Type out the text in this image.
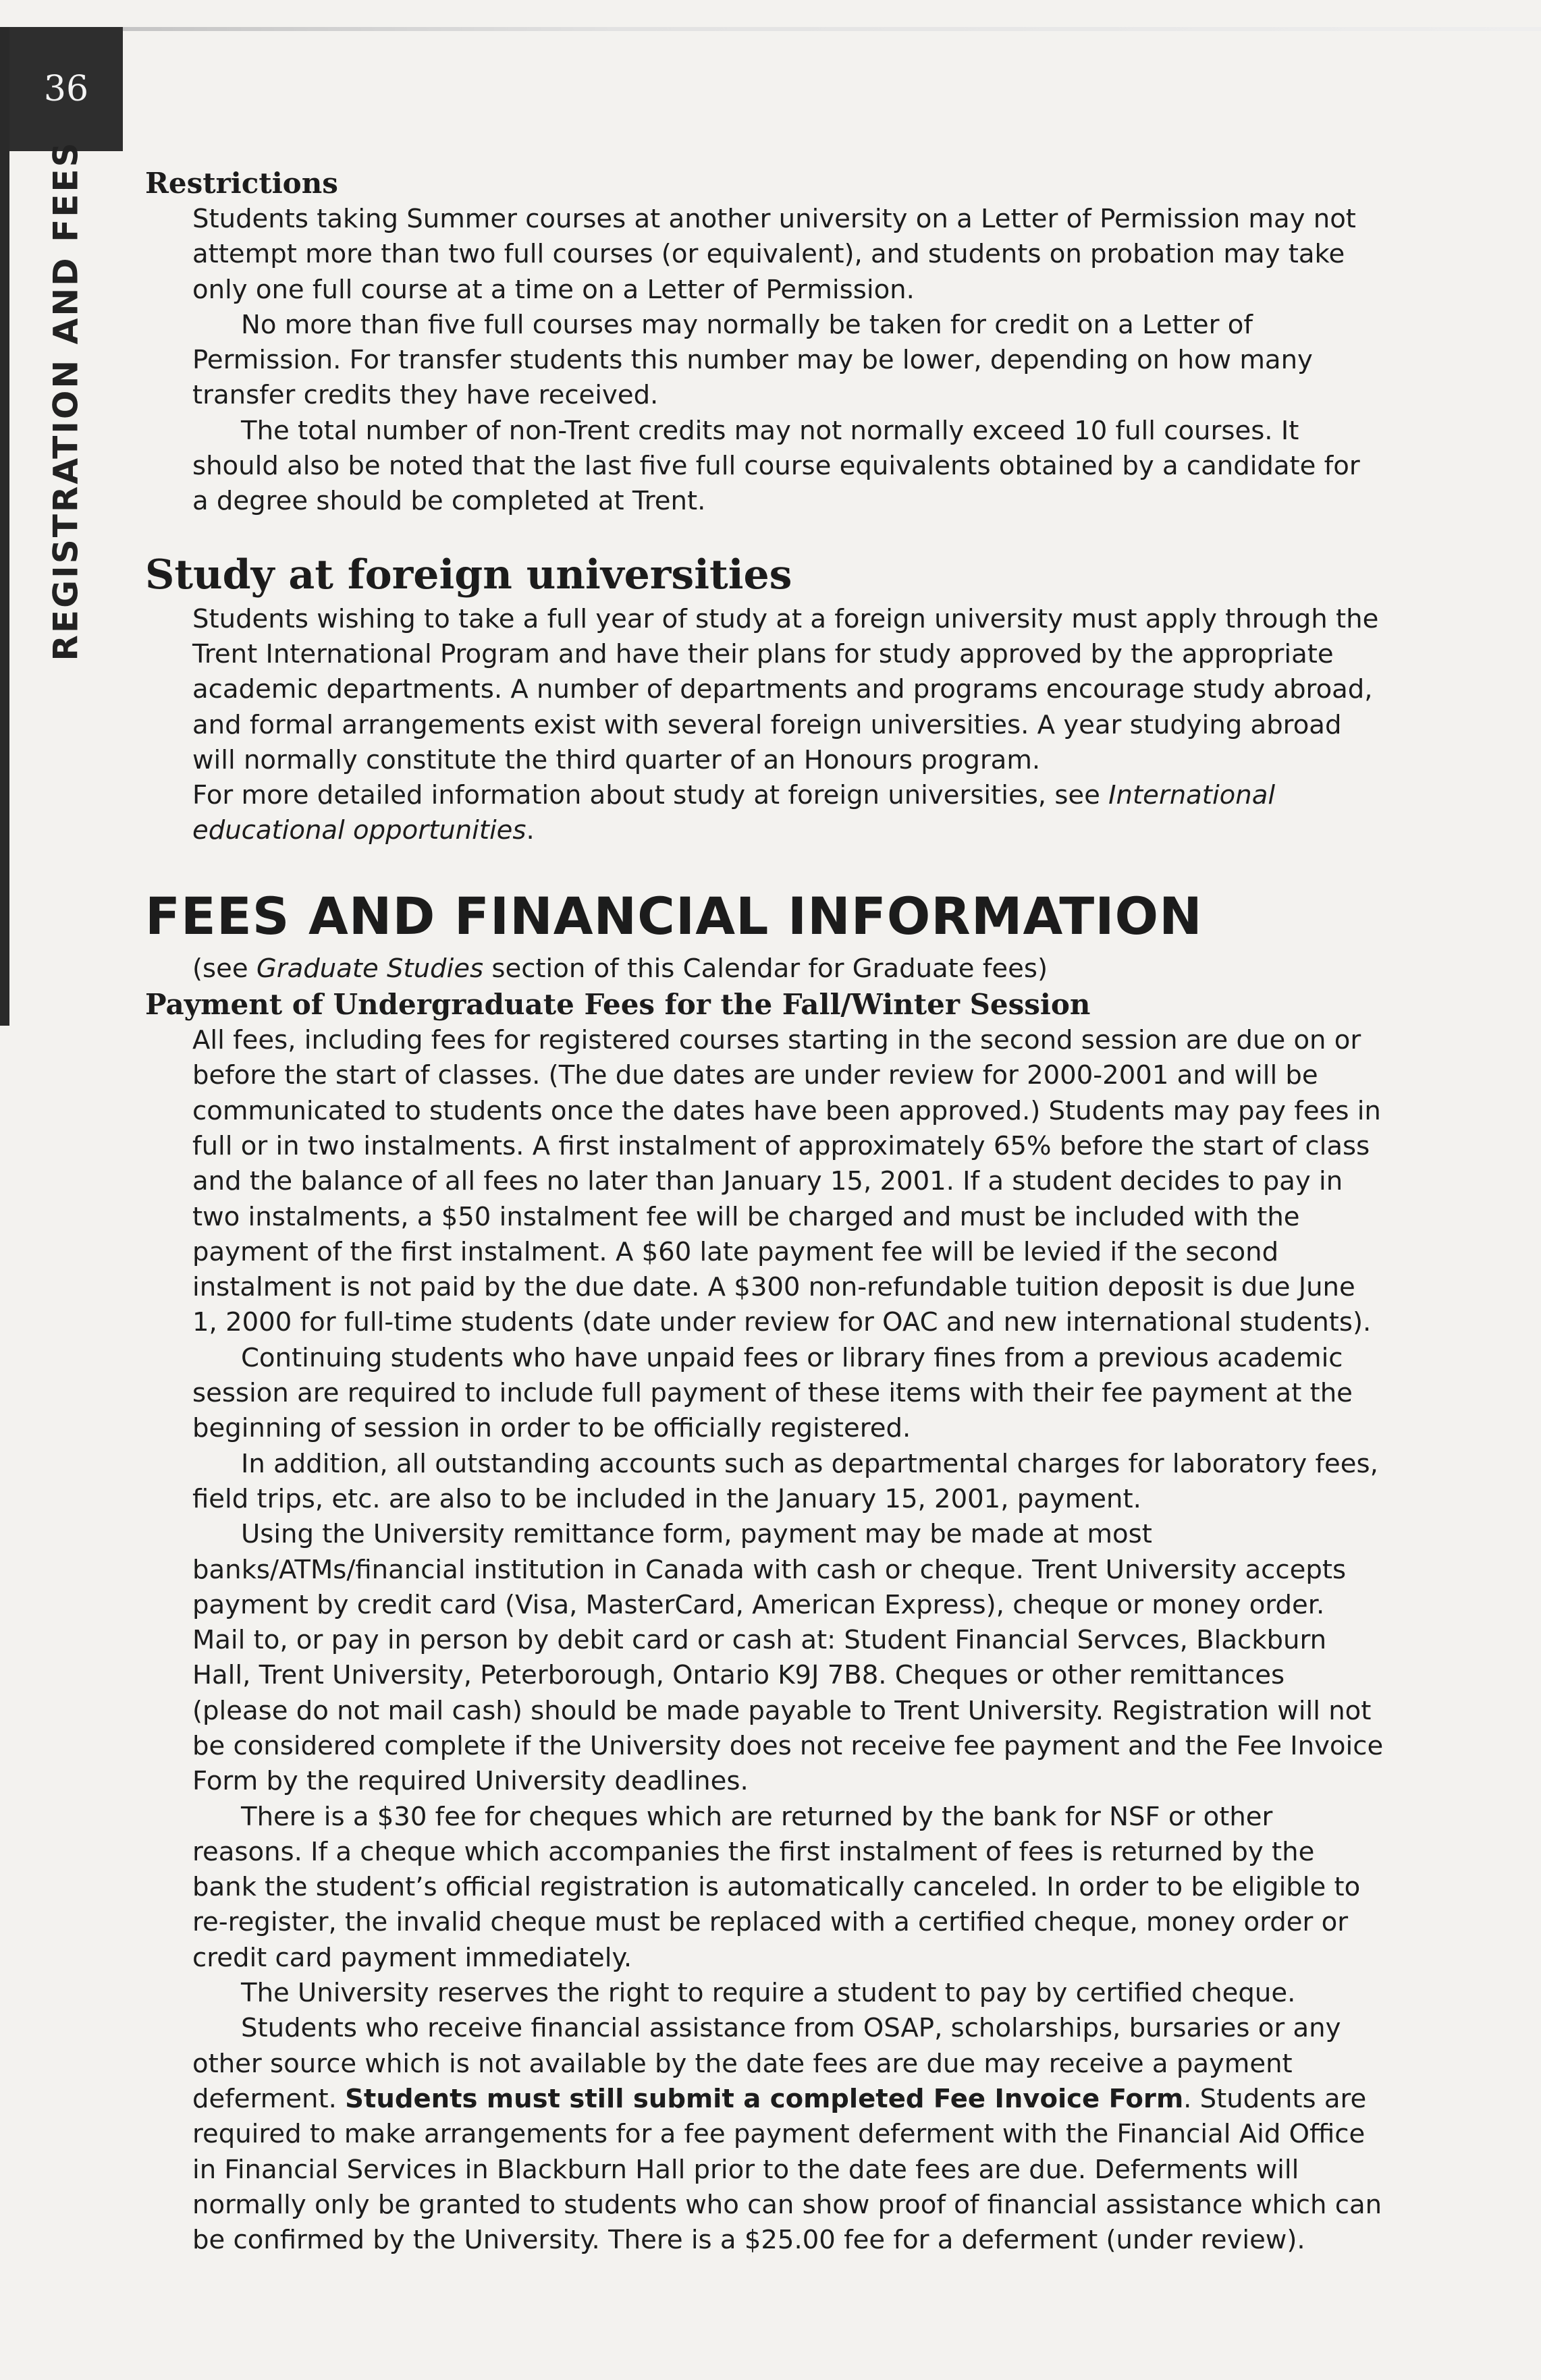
36
REGISTRATION AND FEES Restrictions

Students taking Summer courses at another university on a Letter of Permission may not attempt more than two full courses (or equivalent), and students on probation may take only one full course at a time on a Letter of Permission.

No more than five full courses may normally be taken for credit on a Letter of Permission. For transfer students this number may be lower, depending on how many transfer credits they have received.

The total number of non-Trent credits may not normally exceed 10 full courses. It should also be noted that the last five full course equivalents obtained by a candidate for a degree should be completed at Trent.

Study at foreign universities

Students wishing to take a full year of study at a foreign university must apply through the Trent International Program and have their plans for study approved by the appropriate academic departments. A number of departments and programs encourage study abroad, and formal arrangements exist with several foreign universities. A year studying abroad will normally constitute the third quarter of an Honours program.

For more detailed information about study at foreign universities, see International educational opportunities.

FEES AND FINANCIAL INFORMATION

(see Graduate Studies section of this Calendar for Graduate fees)

Payment of Undergraduate Fees for the Fall/Winter Session

All fees, including fees for registered courses starting in the second session are due on or before the start of classes. (The due dates are under review for 2000-2001 and will be communicated to students once the dates have been approved.) Students may pay fees in full or in two instalments. A first instalment of approximately 65% before the start of class and the balance of all fees no later than January 15, 2001. If a student decides to pay in two instalments, a $50 instalment fee will be charged and must be included with the payment of the first instalment. A $60 late payment fee will be levied if the second instalment is not paid by the due date. A $300 non-refundable tuition deposit is due June 1, 2000 for full-time students (date under review for OAC and new international students).

Continuing students who have unpaid fees or library fines from a previous academic session are required to include full payment of these items with their fee payment at the beginning of session in order to be officially registered.

In addition, all outstanding accounts such as departmental charges for laboratory fees, field trips, etc. are also to be included in the January 15, 2001, payment.

Using the University remittance form, payment may be made at most banks/ATMs/financial institution in Canada with cash or cheque. Trent University accepts payment by credit card (Visa, MasterCard, American Express), cheque or money order. Mail to, or pay in person by debit card or cash at: Student Financial Servces, Blackburn Hall, Trent University, Peterborough, Ontario K9J 7B8. Cheques or other remittances (please do not mail cash) should be made payable to Trent University. Registration will not be considered complete if the University does not receive fee payment and the Fee Invoice Form by the required University deadlines.

There is a $30 fee for cheques which are returned by the bank for NSF or other reasons. If a cheque which accompanies the first instalment of fees is returned by the bank the student’s official registration is automatically canceled. In order to be eligible to re-register, the invalid cheque must be replaced with a certified cheque, money order or credit card payment immediately.

The University reserves the right to require a student to pay by certified cheque.

Students who receive financial assistance from OSAP, scholarships, bursaries or any other source which is not available by the date fees are due may receive a payment deferment. Students must still submit a completed Fee Invoice Form. Students are required to make arrangements for a fee payment deferment with the Financial Aid Office in Financial Services in Blackburn Hall prior to the date fees are due. Deferments will normally only be granted to students who can show proof of financial assistance which can be confirmed by the University. There is a $25.00 fee for a deferment (under review).
